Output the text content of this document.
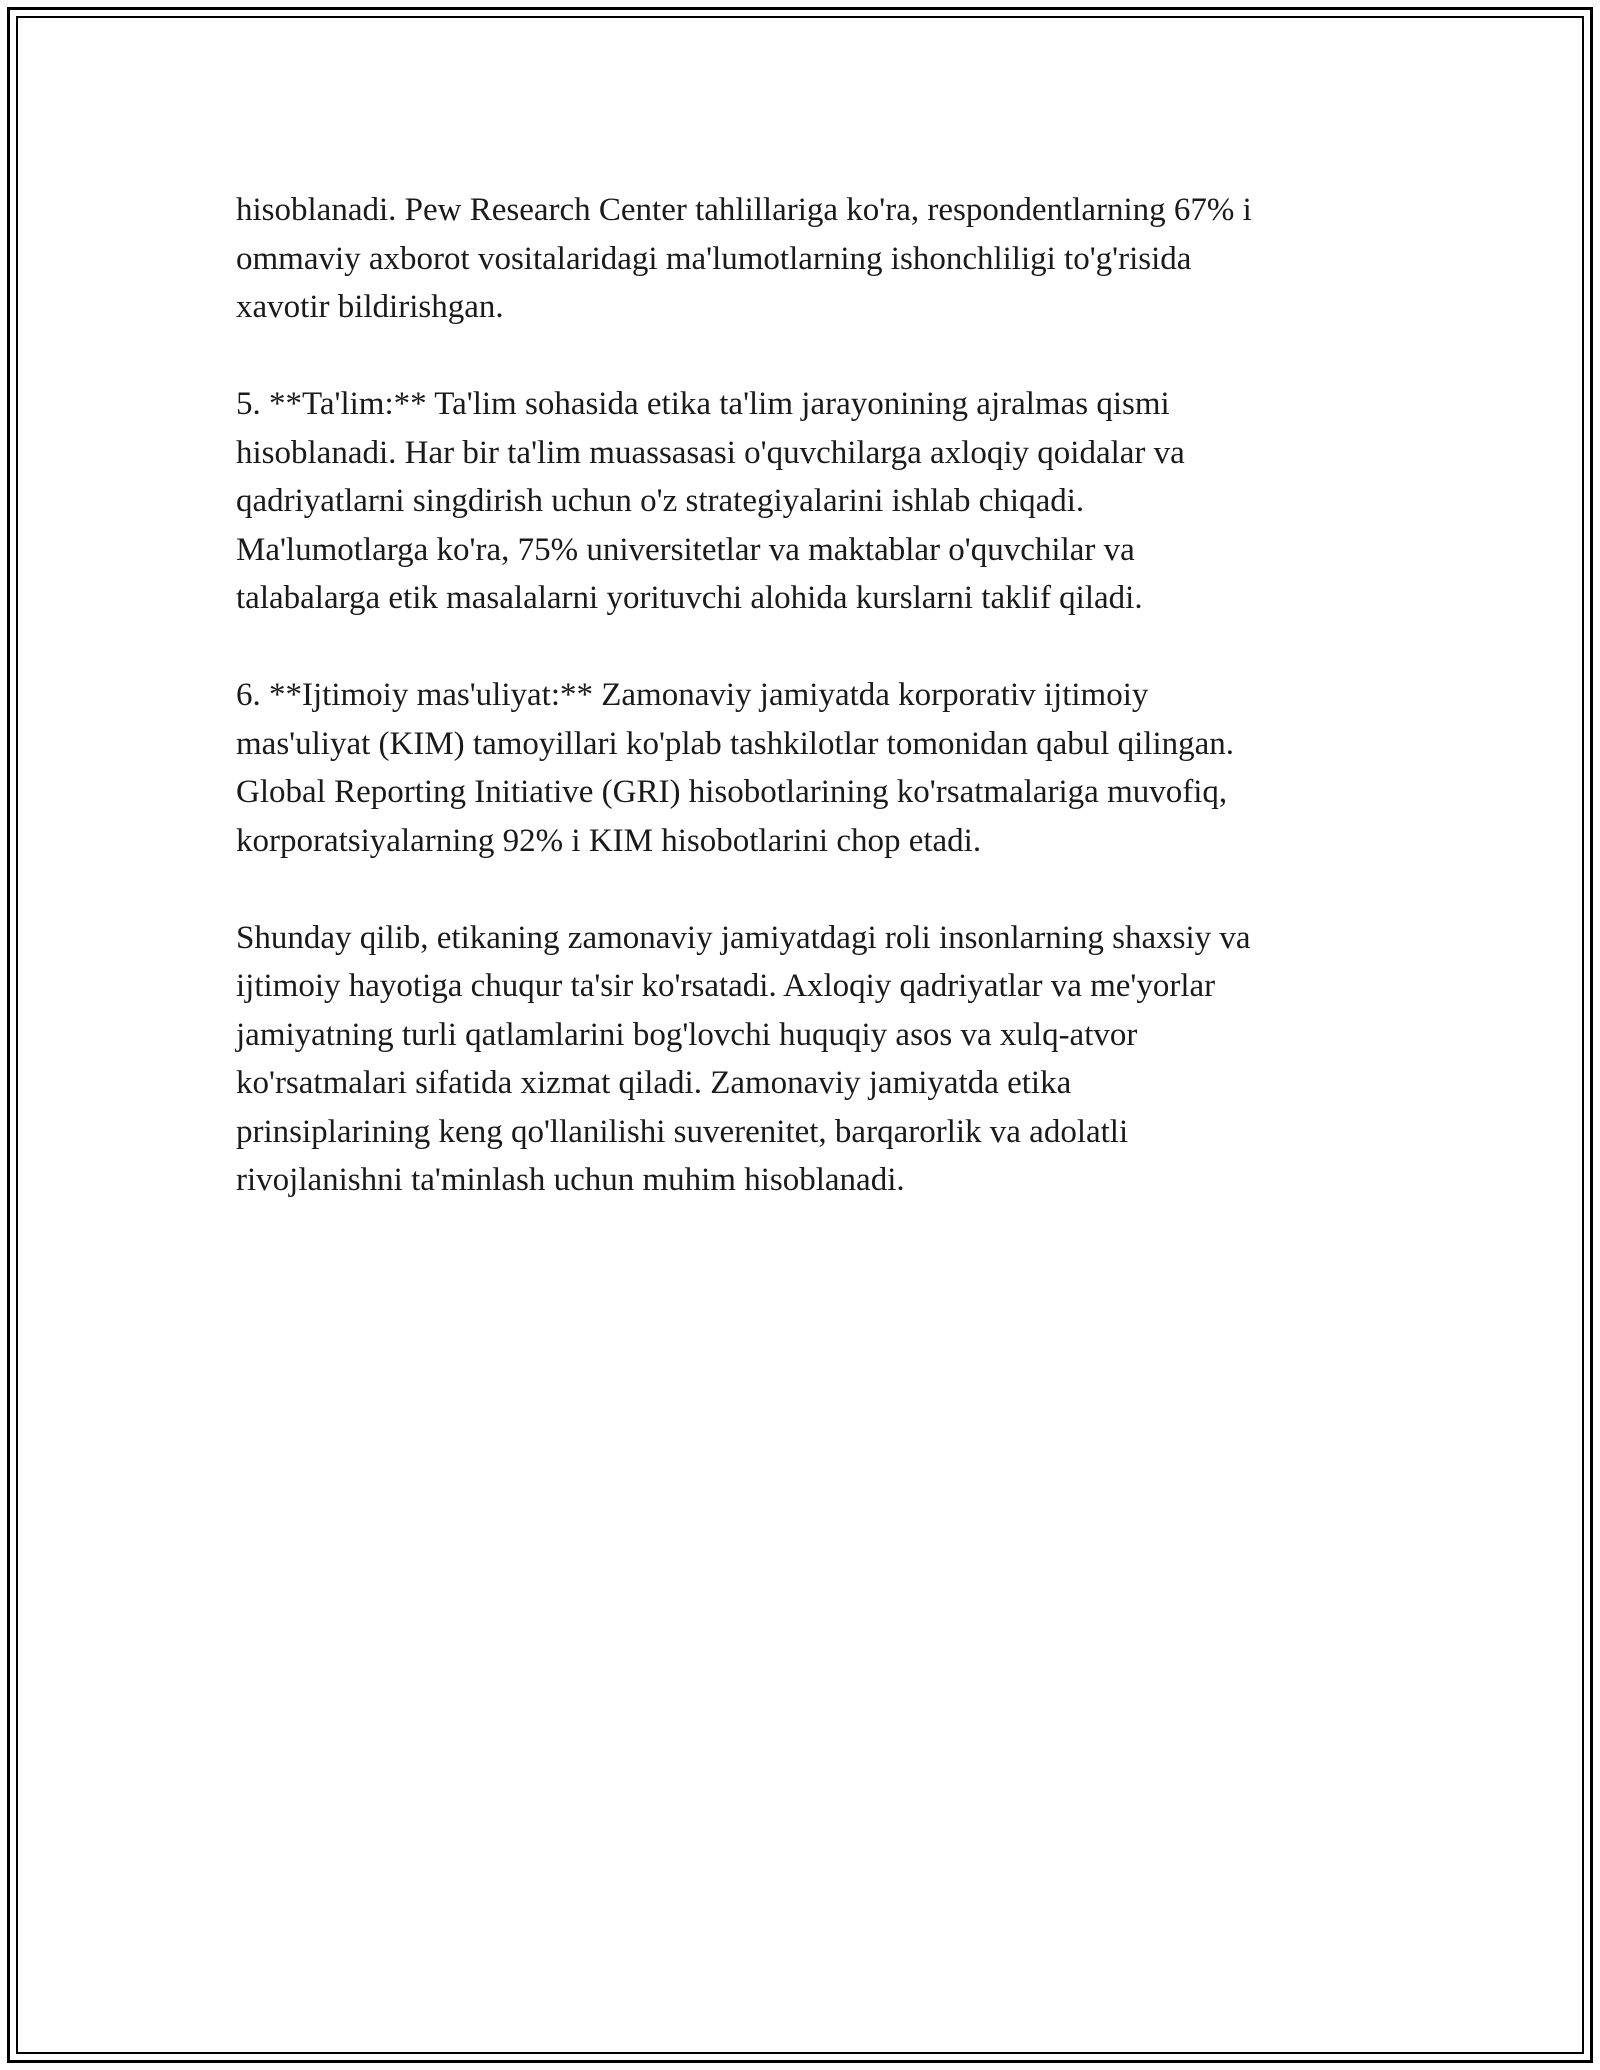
hisoblanadi. Pew Research Center tahlillariga ko'ra, respondentlarning 67% i
ommaviy axborot vositalaridagi ma'lumotlarning ishonchliligi to'g'risida
xavotir bildirishgan.

5. **Ta'lim:** Ta'lim sohasida etika ta'lim jarayonining ajralmas qismi
hisoblanadi. Har bir ta'lim muassasasi o'quvchilarga axloqiy qoidalar va
qadriyatlarni singdirish uchun o'z strategiyalarini ishlab chiqadi.
Ma'lumotlarga ko'ra, 75% universitetlar va maktablar o'quvchilar va
talabalarga etik masalalarni yorituvchi alohida kurslarni taklif qiladi.

6. **Ijtimoiy mas'uliyat:** Zamonaviy jamiyatda korporativ ijtimoiy
mas'uliyat (KIM) tamoyillari ko'plab tashkilotlar tomonidan qabul qilingan.
Global Reporting Initiative (GRI) hisobotlarining ko'rsatmalariga muvofiq,
korporatsiyalarning 92% i KIM hisobotlarini chop etadi.

Shunday qilib, etikaning zamonaviy jamiyatdagi roli insonlarning shaxsiy va
ijtimoiy hayotiga chuqur ta'sir ko'rsatadi. Axloqiy qadriyatlar va me'yorlar
jamiyatning turli qatlamlarini bog'lovchi huquqiy asos va xulq-atvor
ko'rsatmalari sifatida xizmat qiladi. Zamonaviy jamiyatda etika
prinsiplarining keng qo'llanilishi suverenitet, barqarorlik va adolatli
rivojlanishni ta'minlash uchun muhim hisoblanadi.
